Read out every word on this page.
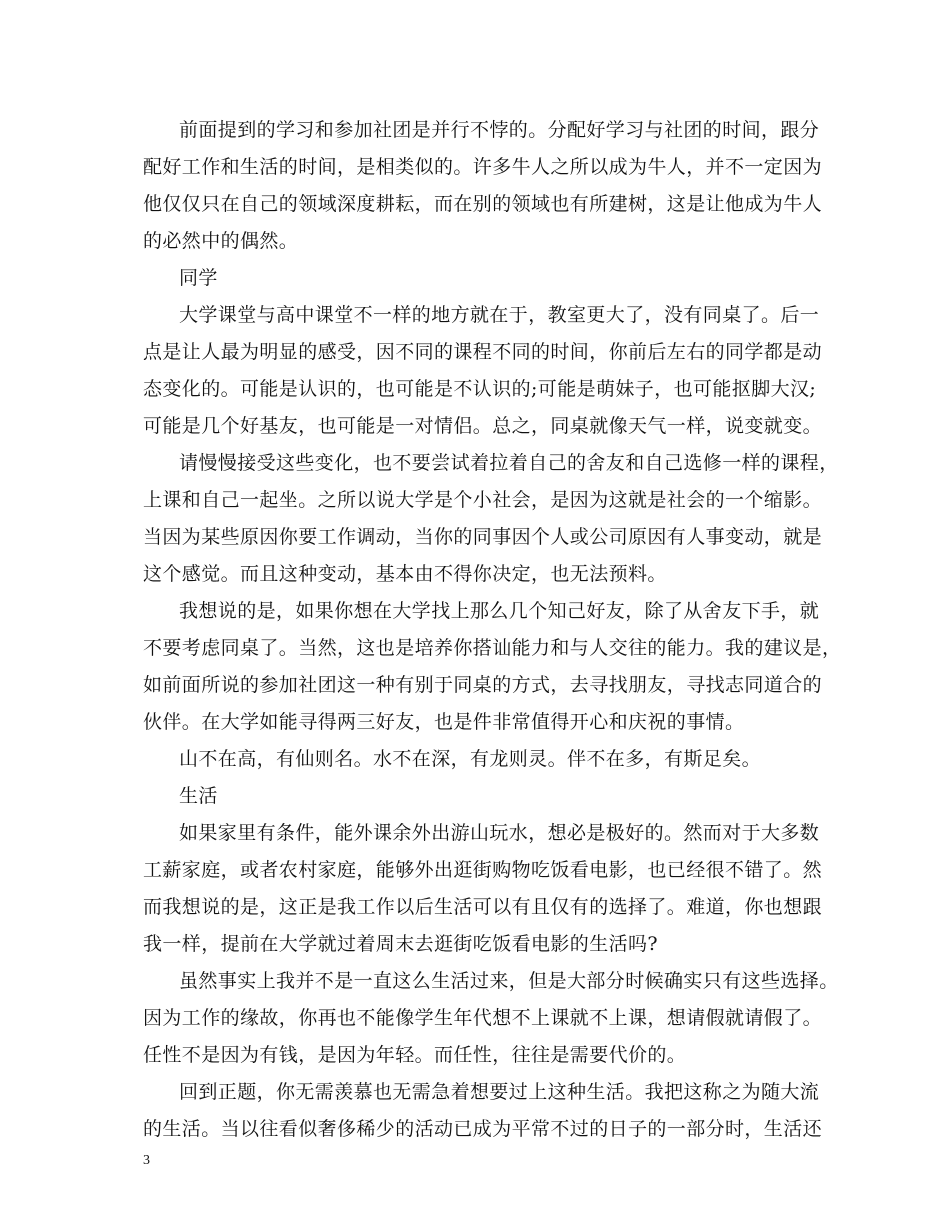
前面提到的学习和参加社团是并行不悖的。分配好学习与社团的时间，跟分
配好工作和生活的时间，是相类似的。许多牛人之所以成为牛人，并不一定因为
他仅仅只在自己的领域深度耕耘，而在别的领域也有所建树，这是让他成为牛人
的必然中的偶然。
同学
大学课堂与高中课堂不一样的地方就在于，教室更大了，没有同桌了。后一
点是让人最为明显的感受，因不同的课程不同的时间，你前后左右的同学都是动
态变化的。可能是认识的，也可能是不认识的;可能是萌妹子，也可能抠脚大汉;
可能是几个好基友，也可能是一对情侣。总之，同桌就像天气一样，说变就变。
请慢慢接受这些变化，也不要尝试着拉着自己的舍友和自己选修一样的课程，
上课和自己一起坐。之所以说大学是个小社会，是因为这就是社会的一个缩影。
当因为某些原因你要工作调动，当你的同事因个人或公司原因有人事变动，就是
这个感觉。而且这种变动，基本由不得你决定，也无法预料。
我想说的是，如果你想在大学找上那么几个知己好友，除了从舍友下手，就
不要考虑同桌了。当然，这也是培养你搭讪能力和与人交往的能力。我的建议是，
如前面所说的参加社团这一种有别于同桌的方式，去寻找朋友，寻找志同道合的
伙伴。在大学如能寻得两三好友，也是件非常值得开心和庆祝的事情。
山不在高，有仙则名。水不在深，有龙则灵。伴不在多，有斯足矣。
生活
如果家里有条件，能外课余外出游山玩水，想必是极好的。然而对于大多数
工薪家庭，或者农村家庭，能够外出逛街购物吃饭看电影，也已经很不错了。然
而我想说的是，这正是我工作以后生活可以有且仅有的选择了。难道，你也想跟
我一样，提前在大学就过着周末去逛街吃饭看电影的生活吗?
虽然事实上我并不是一直这么生活过来，但是大部分时候确实只有这些选择。
因为工作的缘故，你再也不能像学生年代想不上课就不上课，想请假就请假了。
任性不是因为有钱，是因为年轻。而任性，往往是需要代价的。
回到正题，你无需羡慕也无需急着想要过上这种生活。我把这称之为随大流
的生活。当以往看似奢侈稀少的活动已成为平常不过的日子的一部分时，生活还
3
